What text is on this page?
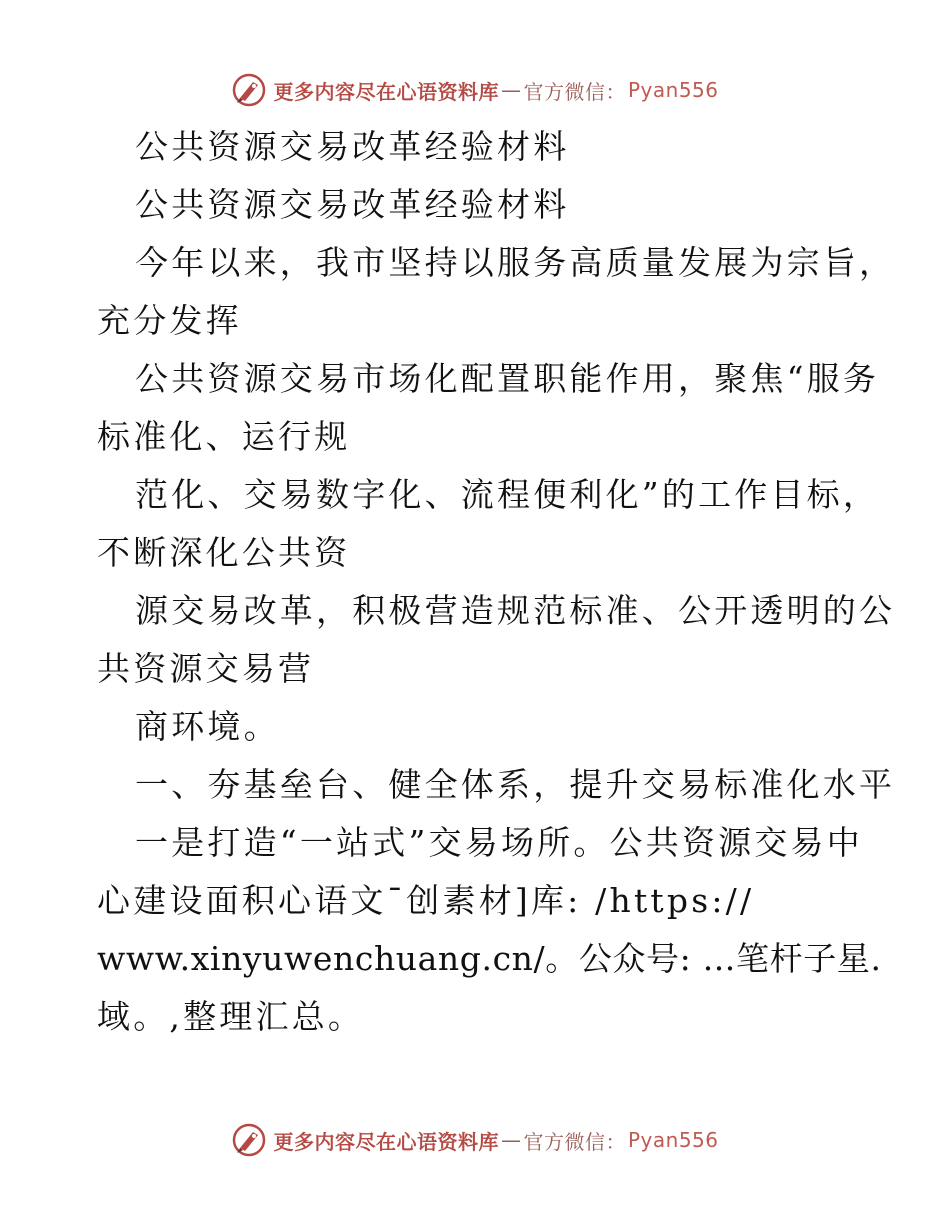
更多内容尽在心语资料库 — 官方微信： Pyan556
公共资源交易改革经验材料
公共资源交易改革经验材料
今年以来，我市坚持以服务高质量发展为宗旨，
充分发挥
公共资源交易市场化配置职能作用，聚焦“服务
标准化、运行规
范化、交易数字化、流程便利化”的工作目标，
不断深化公共资
源交易改革，积极营造规范标准、公开透明的公
共资源交易营
商环境。
一、夯基垒台、健全体系，提升交易标准化水平
一是打造“一站式”交易场所。公共资源交易中
心建设面积心语文¯创素材]库: /https://
www.xinyuwenchuang.cn/。公众号: …笔杆子星.
域。,整理汇总。
更多内容尽在心语资料库 — 官方微信： Pyan556
